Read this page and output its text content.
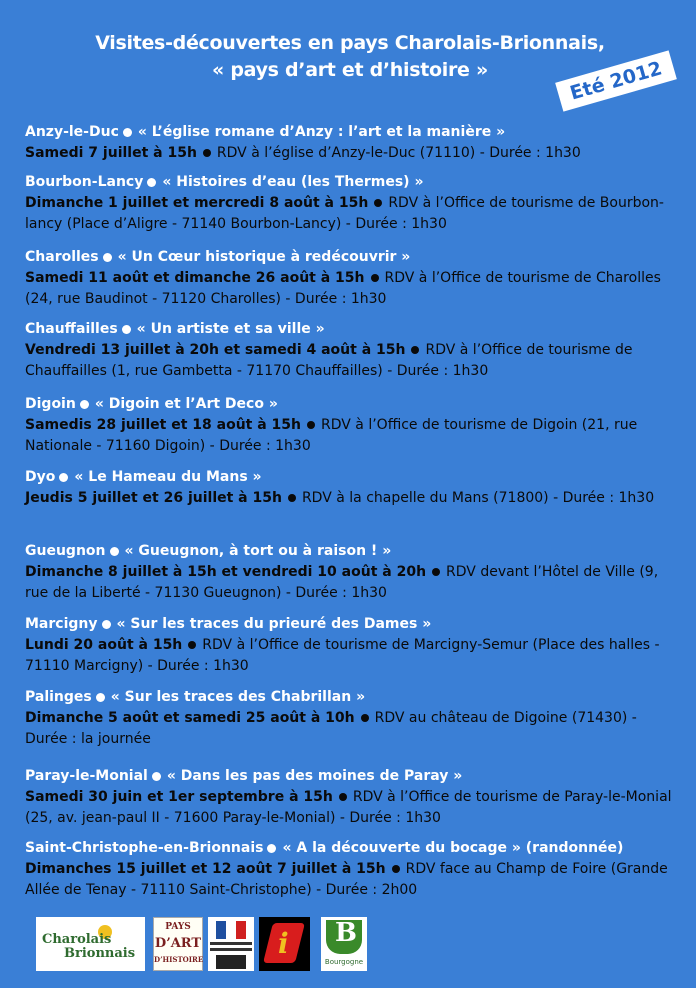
Visites-découvertes en pays Charolais-Brionnais,
« pays d’art et d’histoire »	Eté 2012
Anzy-le-Duc « L’église romane d’Anzy : l’art et la manière »
Samedi 7 juillet à 15h RDV à l’église d’Anzy-le-Duc (71110) - Durée : 1h30
Bourbon-Lancy « Histoires d’eau (les Thermes) »
Dimanche 1 juillet et mercredi 8 août à 15h RDV à l’Office de tourisme de Bourbon-lancy (Place d’Aligre - 71140 Bourbon-Lancy) - Durée : 1h30
Charolles « Un Cœur historique à redécouvrir »
Samedi 11 août et dimanche 26 août à 15h RDV à l’Office de tourisme de Charolles (24, rue Baudinot - 71120 Charolles) - Durée : 1h30
Chauffailles « Un artiste et sa ville »
Vendredi 13 juillet à 20h et samedi 4 août à 15h RDV à l’Office de tourisme de Chauffailles (1, rue Gambetta - 71170 Chauffailles) - Durée : 1h30
Digoin « Digoin et l’Art Deco »
Samedis 28 juillet et 18 août à 15h RDV à l’Office de tourisme de Digoin (21, rue Nationale - 71160 Digoin) - Durée : 1h30
Dyo « Le Hameau du Mans »
Jeudis 5 juillet et 26 juillet à 15h RDV à la chapelle du Mans (71800) - Durée : 1h30
Gueugnon « Gueugnon, à tort ou à raison ! »
Dimanche 8 juillet à 15h et vendredi 10 août à 20h RDV devant l’Hôtel de Ville (9, rue de la Liberté - 71130 Gueugnon) - Durée : 1h30
Marcigny « Sur les traces du prieuré des Dames »
Lundi 20 août à 15h RDV à l’Office de tourisme de Marcigny-Semur (Place des halles - 71110 Marcigny) - Durée : 1h30
Palinges « Sur les traces des Chabrillan »
Dimanche 5 août et samedi 25 août à 10h RDV au château de Digoine (71430) - Durée : la journée
Paray-le-Monial « Dans les pas des moines de Paray »
Samedi 30 juin et 1er septembre à 15h RDV à l’Office de tourisme de Paray-le-Monial (25, av. jean-paul II - 71600 Paray-le-Monial) - Durée : 1h30
Saint-Christophe-en-Brionnais « A la découverte du bocage » (randonnée)
Dimanches 15 juillet et 12 août 7 juillet à 15h RDV face au Champ de Foire (Grande Allée de Tenay - 71110 Saint-Christophe) - Durée : 2h00
Charolais
Brionnais
PAYS
D’ART
D’HISTOIRE	i B
Bourgogne
